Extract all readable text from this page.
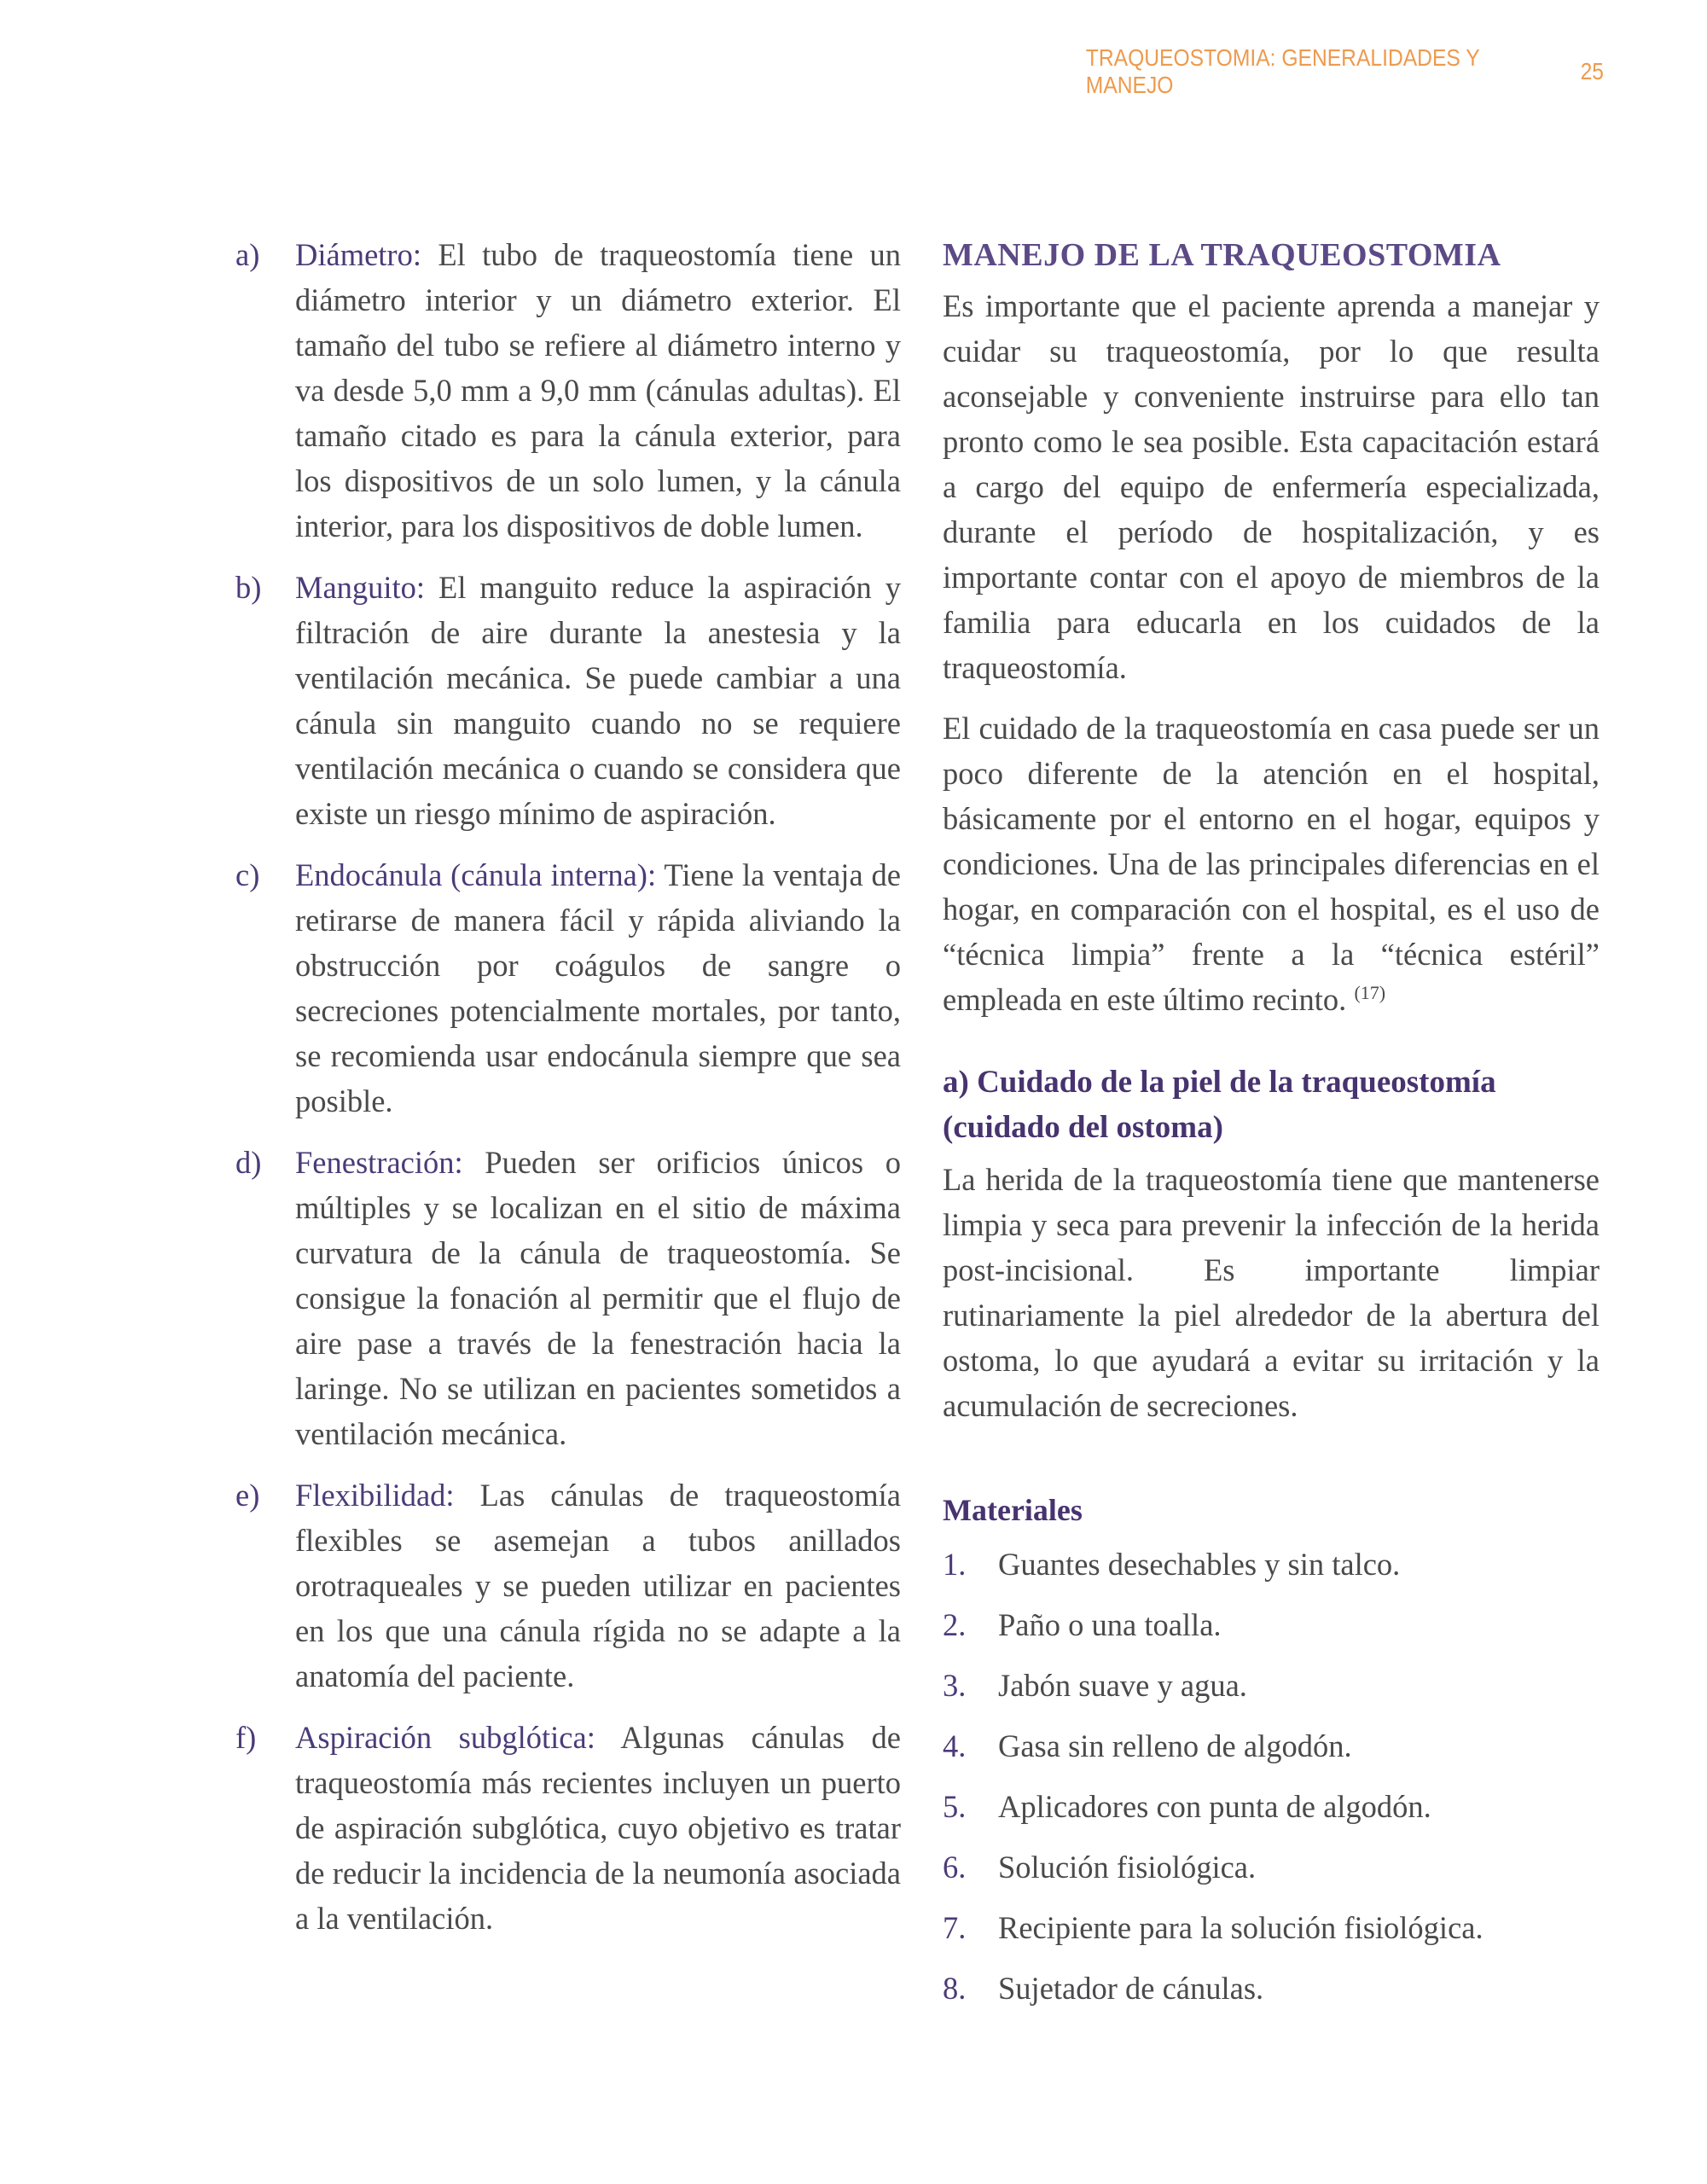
TRAQUEOSTOMIA: GENERALIDADES Y MANEJO
25
a)	Diámetro: El tubo de traqueostomía tiene un diámetro interior y un diámetro exterior. El tamaño del tubo se refiere al diámetro interno y va desde 5,0 mm a 9,0 mm (cánulas adultas). El tamaño citado es para la cánula exterior, para los dispositivos de un solo lumen, y la cánula interior, para los dispositivos de doble lumen.

b)	Manguito: El manguito reduce la aspiración y filtración de aire durante la anestesia y la ventilación mecánica. Se puede cambiar a una cánula sin manguito cuando no se requiere ventilación mecánica o cuando se considera que existe un riesgo mínimo de aspiración.

c)	Endocánula (cánula interna): Tiene la ventaja de retirarse de manera fácil y rápida aliviando la obstrucción por coágulos de sangre o secreciones potencialmente mortales, por tanto, se recomienda usar endocánula siempre que sea posible.

d)	Fenestración: Pueden ser orificios únicos o múltiples y se localizan en el sitio de máxima curvatura de la cánula de traqueostomía. Se consigue la fonación al permitir que el flujo de aire pase a través de la fenestración hacia la laringe. No se utilizan en pacientes sometidos a ventilación mecánica.

e)	Flexibilidad: Las cánulas de traqueostomía flexibles se asemejan a tubos anillados orotraqueales y se pueden utilizar en pacientes en los que una cánula rígida no se adapte a la anatomía del paciente.

f)	Aspiración subglótica: Algunas cánulas de traqueostomía más recientes incluyen un puerto de aspiración subglótica, cuyo objetivo es tratar de reducir la incidencia de la neumonía asociada a la ventilación.

MANEJO DE LA TRAQUEOSTOMIA

Es importante que el paciente aprenda a manejar y cuidar su traqueostomía, por lo que resulta aconsejable y conveniente instruirse para ello tan pronto como le sea posible. Esta capacitación estará a cargo del equipo de enfermería especializada, durante el período de hospitalización, y es importante contar con el apoyo de miembros de la familia para educarla en los cuidados de la traqueostomía.

El cuidado de la traqueostomía en casa puede ser un poco diferente de la atención en el hospital, básicamente por el entorno en el hogar, equipos y condiciones. Una de las principales diferencias en el hogar, en comparación con el hospital, es el uso de “técnica limpia” frente a la “técnica estéril” empleada en este último recinto. $^{(17)}$

a) Cuidado de la piel de la traqueostomía (cuidado del ostoma)

La herida de la traqueostomía tiene que mantenerse limpia y seca para prevenir la infección de la herida post-incisional. Es importante limpiar rutinariamente la piel alrededor de la abertura del ostoma, lo que ayudará a evitar su irritación y la acumulación de secreciones.

Materiales
1.	Guantes desechables y sin talco.
2.	Paño o una toalla.
3.	Jabón suave y agua.
4.	Gasa sin relleno de algodón.
5.	Aplicadores con punta de algodón.
6.	Solución fisiológica.
7.	Recipiente para la solución fisiológica.
8.	Sujetador de cánulas.
